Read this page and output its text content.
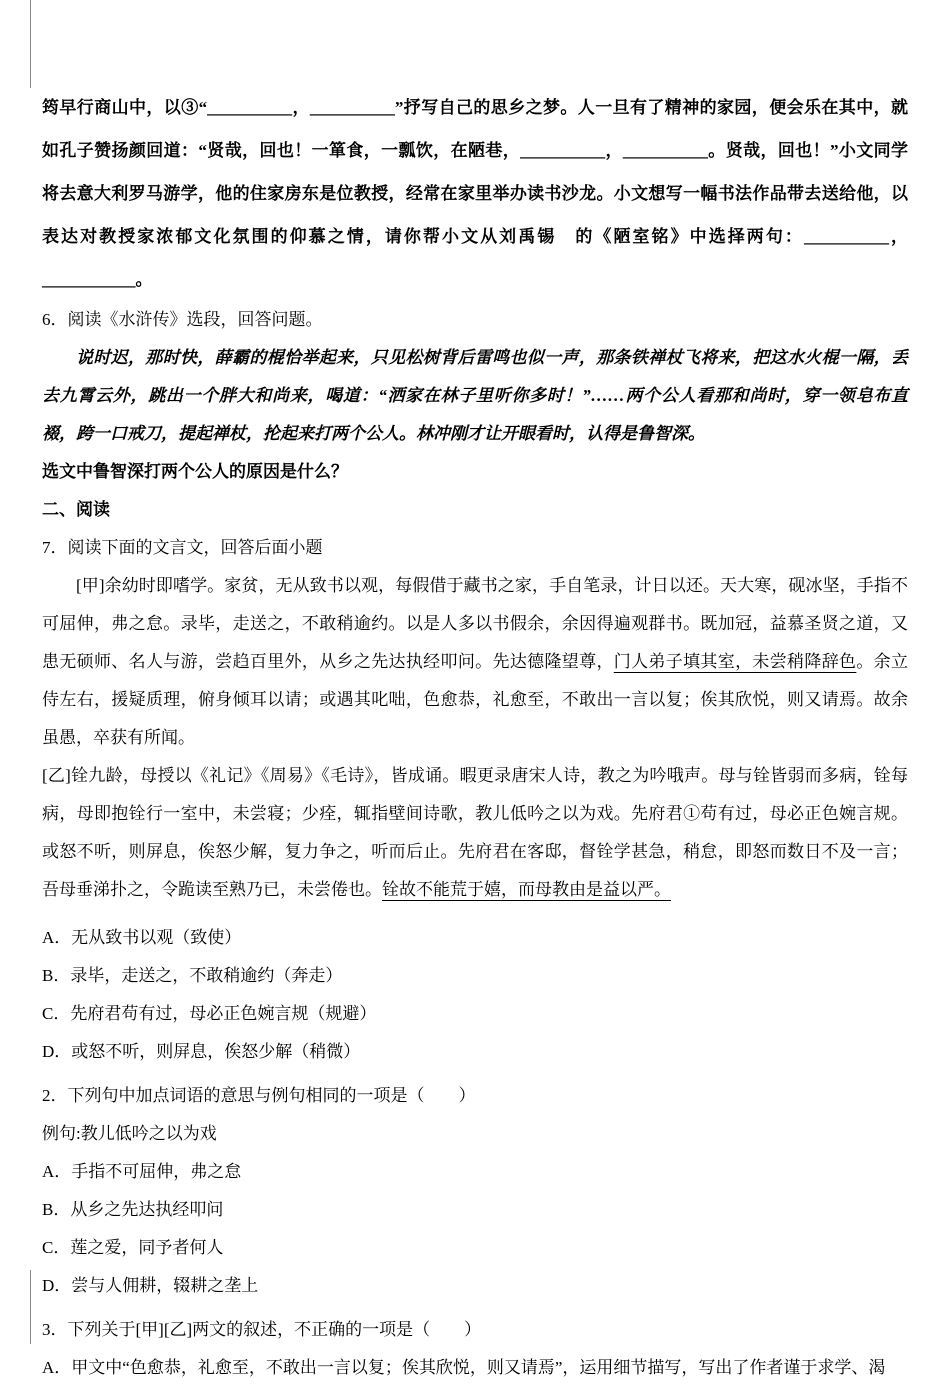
筠早行商山中，以③“__________，__________”抒写自己的思乡之梦。人一旦有了精神的家园，便会乐在其中，就如孔子赞扬颜回道：“贤哉，回也！一箪食，一瓢饮，在陋巷，__________，__________。贤哉，回也！”小文同学将去意大利罗马游学，他的住家房东是位教授，经常在家里举办读书沙龙。小文想写一幅书法作品带去送给他，以表达对教授家浓郁文化氛围的仰慕之情，请你帮小文从刘禹锡　的《陋室铭》中选择两句：__________，___________。
6．阅读《水浒传》选段，回答问题。
说时迟，那时快，薛霸的棍恰举起来，只见松树背后雷鸣也似一声，那条铁禅杖飞将来，把这水火棍一隔，丢去九霄云外，跳出一个胖大和尚来，喝道：“洒家在林子里听你多时！”……两个公人看那和尚时，穿一领皂布直裰，跨一口戒刀，提起禅杖，抡起来打两个公人。林冲刚才让开眼看时，认得是鲁智深。
选文中鲁智深打两个公人的原因是什么？
二、阅读
7．阅读下面的文言文，回答后面小题
[甲]余幼时即嗜学。家贫，无从致书以观，每假借于藏书之家，手自笔录，计日以还。天大寒，砚冰坚，手指不可屈伸，弗之怠。录毕，走送之，不敢稍逾约。以是人多以书假余，余因得遍观群书。既加冠，益慕圣贤之道，又患无硕师、名人与游，尝趋百里外，从乡之先达执经叩问。先达德隆望尊，门人弟子填其室，未尝稍降辞色。余立侍左右，援疑质理，俯身倾耳以请；或遇其叱咄，色愈恭，礼愈至，不敢出一言以复；俟其欣悦，则又请焉。故余虽愚，卒获有所闻。
[乙]铨九龄，母授以《礼记》《周易》《毛诗》，皆成诵。暇更录唐宋人诗，教之为吟哦声。母与铨皆弱而多病，铨每病，母即抱铨行一室中，未尝寝；少痊，辄指壁间诗歌，教儿低吟之以为戏。先府君①苟有过，母必正色婉言规。或怒不听，则屏息，俟怒少解，复力争之，听而后止。先府君在客邸，督铨学甚急，稍怠，即怒而数日不及一言；吾母垂涕扑之，令跪读至熟乃已，未尝倦也。铨故不能荒于嬉，而母教由是益以严。
A．无从致书以观（致使）
B．录毕，走送之，不敢稍逾约（奔走）
C．先府君苟有过，母必正色婉言规（规避）
D．或怒不听，则屏息，俟怒少解（稍微）
2．下列句中加点词语的意思与例句相同的一项是（　　）
例句:教儿低吟之以为戏
A．手指不可屈伸，弗之怠
B．从乡之先达执经叩问
C．莲之爱，同予者何人
D．尝与人佣耕，辍耕之垄上
3．下列关于[甲][乙]两文的叙述，不正确的一项是（　　）
A．甲文中“色愈恭，礼愈至，不敢出一言以复；俟其欣悦，则又请焉”，运用细节描写，写出了作者谨于求学、渴
